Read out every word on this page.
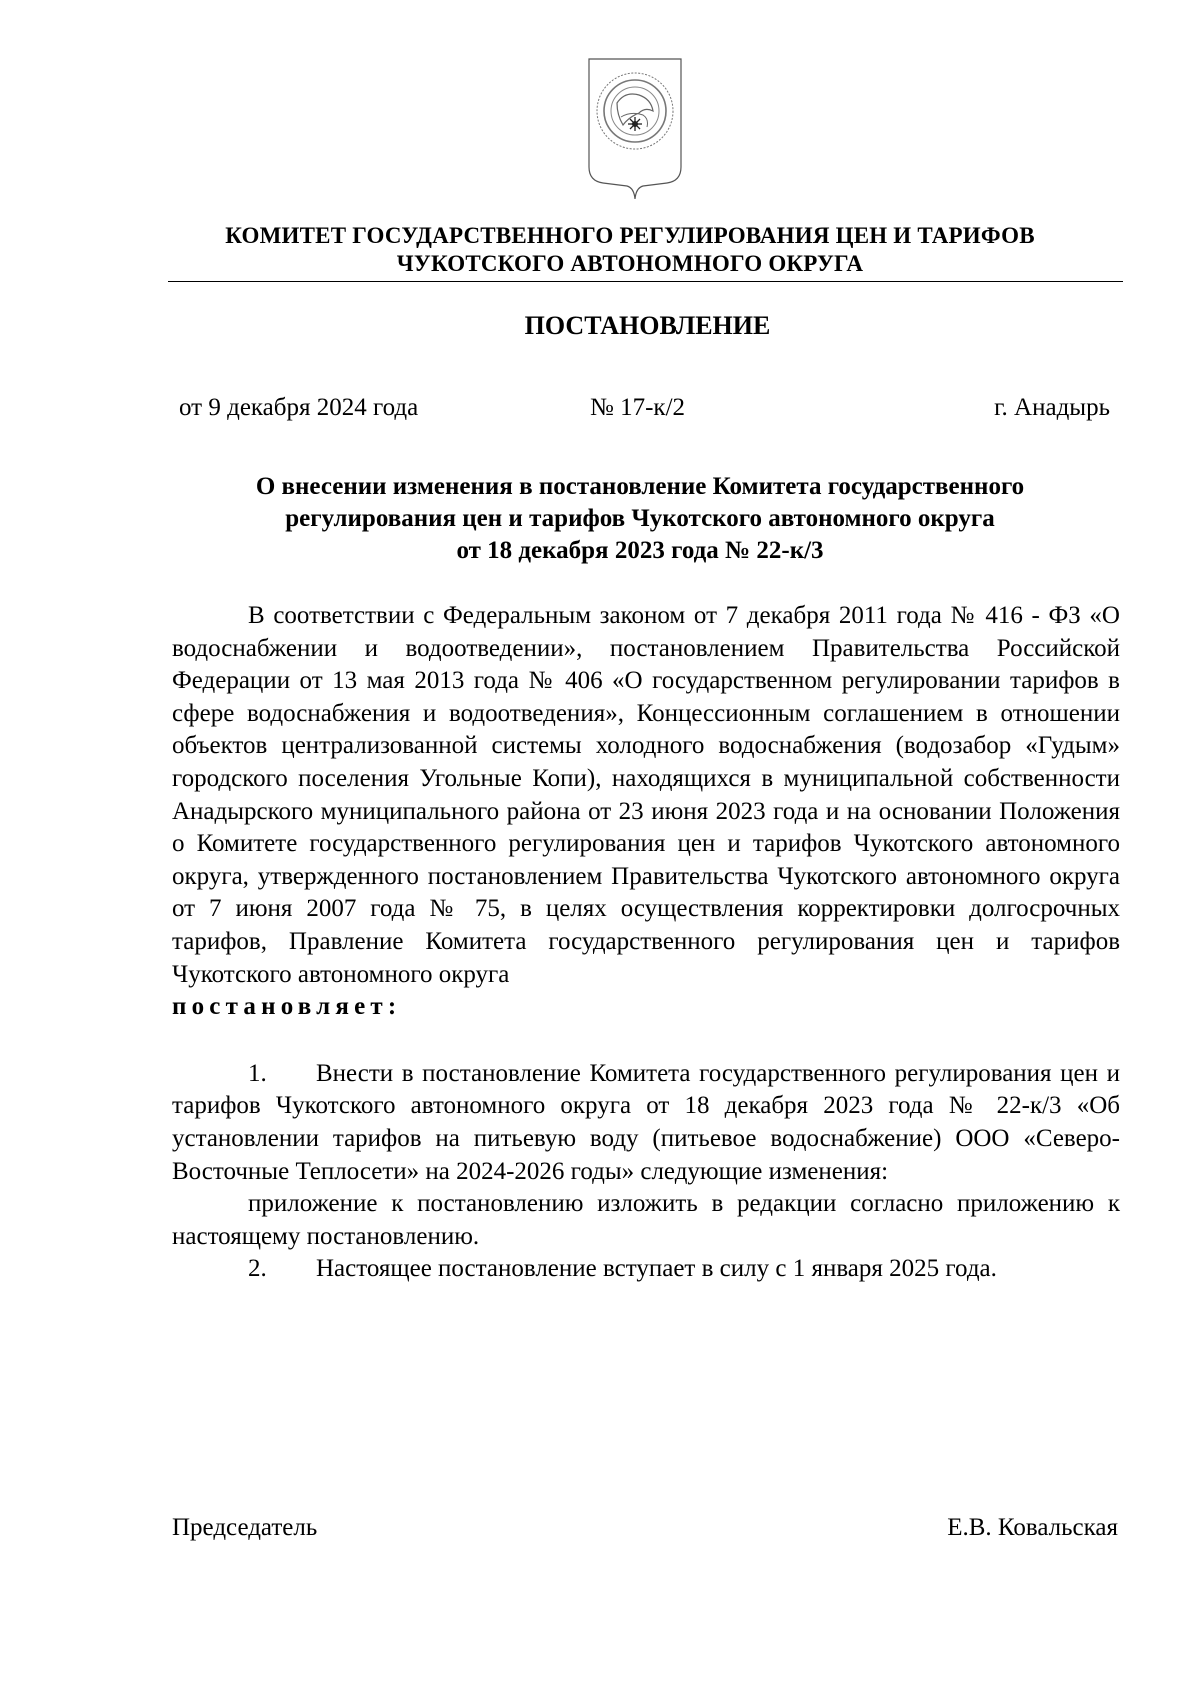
КОМИТЕТ ГОСУДАРСТВЕННОГО РЕГУЛИРОВАНИЯ ЦЕН И ТАРИФОВ
ЧУКОТСКОГО АВТОНОМНОГО ОКРУГА
ПОСТАНОВЛЕНИЕ
от 9 декабря 2024 года	№ 17-к/2	г. Анадырь
О внесении изменения в постановление Комитета государственного
регулирования цен и тарифов Чукотского автономного округа
от 18 декабря 2023 года № 22-к/3

В соответствии с Федеральным законом от 7 декабря 2011 года № 416 - ФЗ «О водоснабжении и водоотведении», постановлением Правительства Российской Федерации от 13 мая 2013 года № 406 «О государственном регулировании тарифов в сфере водоснабжения и водоотведения», Концессионным соглашением в отношении объектов централизованной системы холодного водоснабжения (водозабор «Гудым» городского поселения Угольные Копи), находящихся в муниципальной собственности Анадырского муниципального района от 23 июня 2023 года и на основании Положения о Комитете государственного регулирования цен и тарифов Чукотского автономного округа, утвержденного постановлением Правительства Чукотского автономного округа от 7 июня 2007 года № 75, в целях осуществления корректировки долгосрочных тарифов, Правление Комитета государственного регулирования цен и тарифов Чукотского автономного округа

постановляет:

1. Внести в постановление Комитета государственного регулирования цен и тарифов Чукотского автономного округа от 18 декабря 2023 года № 22-к/3 «Об установлении тарифов на питьевую воду (питьевое водоснабжение) ООО «Северо-Восточные Теплосети» на 2024-2026 годы» следующие изменения:

приложение к постановлению изложить в редакции согласно приложению к настоящему постановлению.

2. Настоящее постановление вступает в силу с 1 января 2025 года.

Председатель	Е.В. Ковальская
